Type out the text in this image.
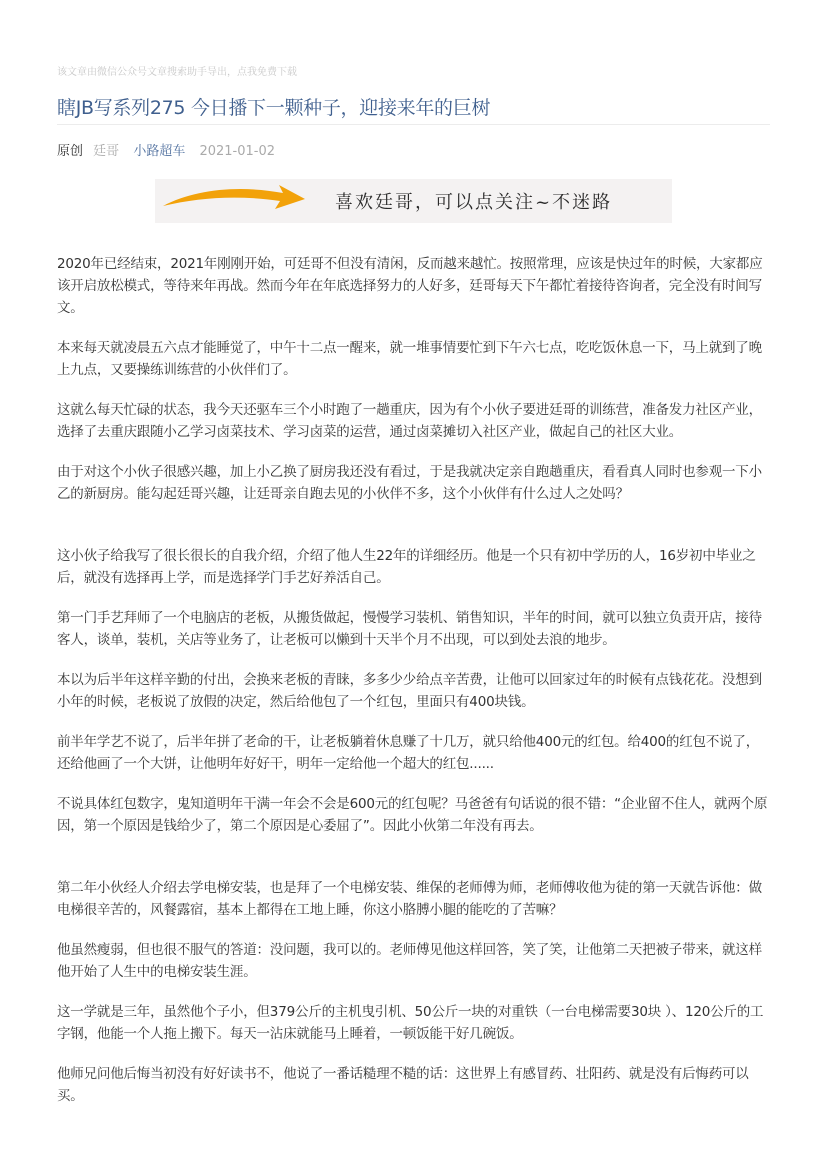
该文章由微信公众号文章搜索助手导出，点我免费下载
瞎JB写系列275 今日播下一颗种子，迎接来年的巨树
原创 廷哥 小路超车 2021-01-02
喜欢廷哥，可以点关注~不迷路

2020年已经结束，2021年刚刚开始，可廷哥不但没有清闲，反而越来越忙。按照常理，应该是快过年的时候，大家都应该开启放松模式，等待来年再战。然而今年在年底选择努力的人好多，廷哥每天下午都忙着接待咨询者，完全没有时间写文。

本来每天就凌晨五六点才能睡觉了，中午十二点一醒来，就一堆事情要忙到下午六七点，吃吃饭休息一下，马上就到了晚上九点，又要操练训练营的小伙伴们了。

这就么每天忙碌的状态，我今天还驱车三个小时跑了一趟重庆，因为有个小伙子要进廷哥的训练营，准备发力社区产业，选择了去重庆跟随小乙学习卤菜技术、学习卤菜的运营，通过卤菜摊切入社区产业，做起自己的社区大业。

由于对这个小伙子很感兴趣，加上小乙换了厨房我还没有看过，于是我就决定亲自跑趟重庆，看看真人同时也参观一下小乙的新厨房。能勾起廷哥兴趣，让廷哥亲自跑去见的小伙伴不多，这个小伙伴有什么过人之处吗？

这小伙子给我写了很长很长的自我介绍，介绍了他人生22年的详细经历。他是一个只有初中学历的人，16岁初中毕业之后，就没有选择再上学，而是选择学门手艺好养活自己。

第一门手艺拜师了一个电脑店的老板，从搬货做起，慢慢学习装机、销售知识，半年的时间，就可以独立负责开店，接待客人，谈单，装机，关店等业务了，让老板可以懒到十天半个月不出现，可以到处去浪的地步。

本以为后半年这样辛勤的付出，会换来老板的青睐，多多少少给点辛苦费，让他可以回家过年的时候有点钱花花。没想到小年的时候，老板说了放假的决定，然后给他包了一个红包，里面只有400块钱。

前半年学艺不说了，后半年拼了老命的干，让老板躺着休息赚了十几万，就只给他400元的红包。给400的红包不说了，还给他画了一个大饼，让他明年好好干，明年一定给他一个超大的红包......

不说具体红包数字，鬼知道明年干满一年会不会是600元的红包呢？马爸爸有句话说的很不错：“企业留不住人，就两个原因，第一个原因是钱给少了，第二个原因是心委屈了”。因此小伙第二年没有再去。

第二年小伙经人介绍去学电梯安装，也是拜了一个电梯安装、维保的老师傅为师，老师傅收他为徒的第一天就告诉他：做电梯很辛苦的，风餐露宿，基本上都得在工地上睡，你这小胳膊小腿的能吃的了苦嘛？

他虽然瘦弱，但也很不服气的答道：没问题，我可以的。老师傅见他这样回答，笑了笑，让他第二天把被子带来，就这样他开始了人生中的电梯安装生涯。

这一学就是三年，虽然他个子小，但379公斤的主机曳引机、50公斤一块的对重铁（一台电梯需要30块 ）、120公斤的工字钢，他能一个人拖上搬下。每天一沾床就能马上睡着，一顿饭能干好几碗饭。

他师兄问他后悔当初没有好好读书不，他说了一番话糙理不糙的话：这世界上有感冒药、壮阳药、就是没有后悔药可以买。
